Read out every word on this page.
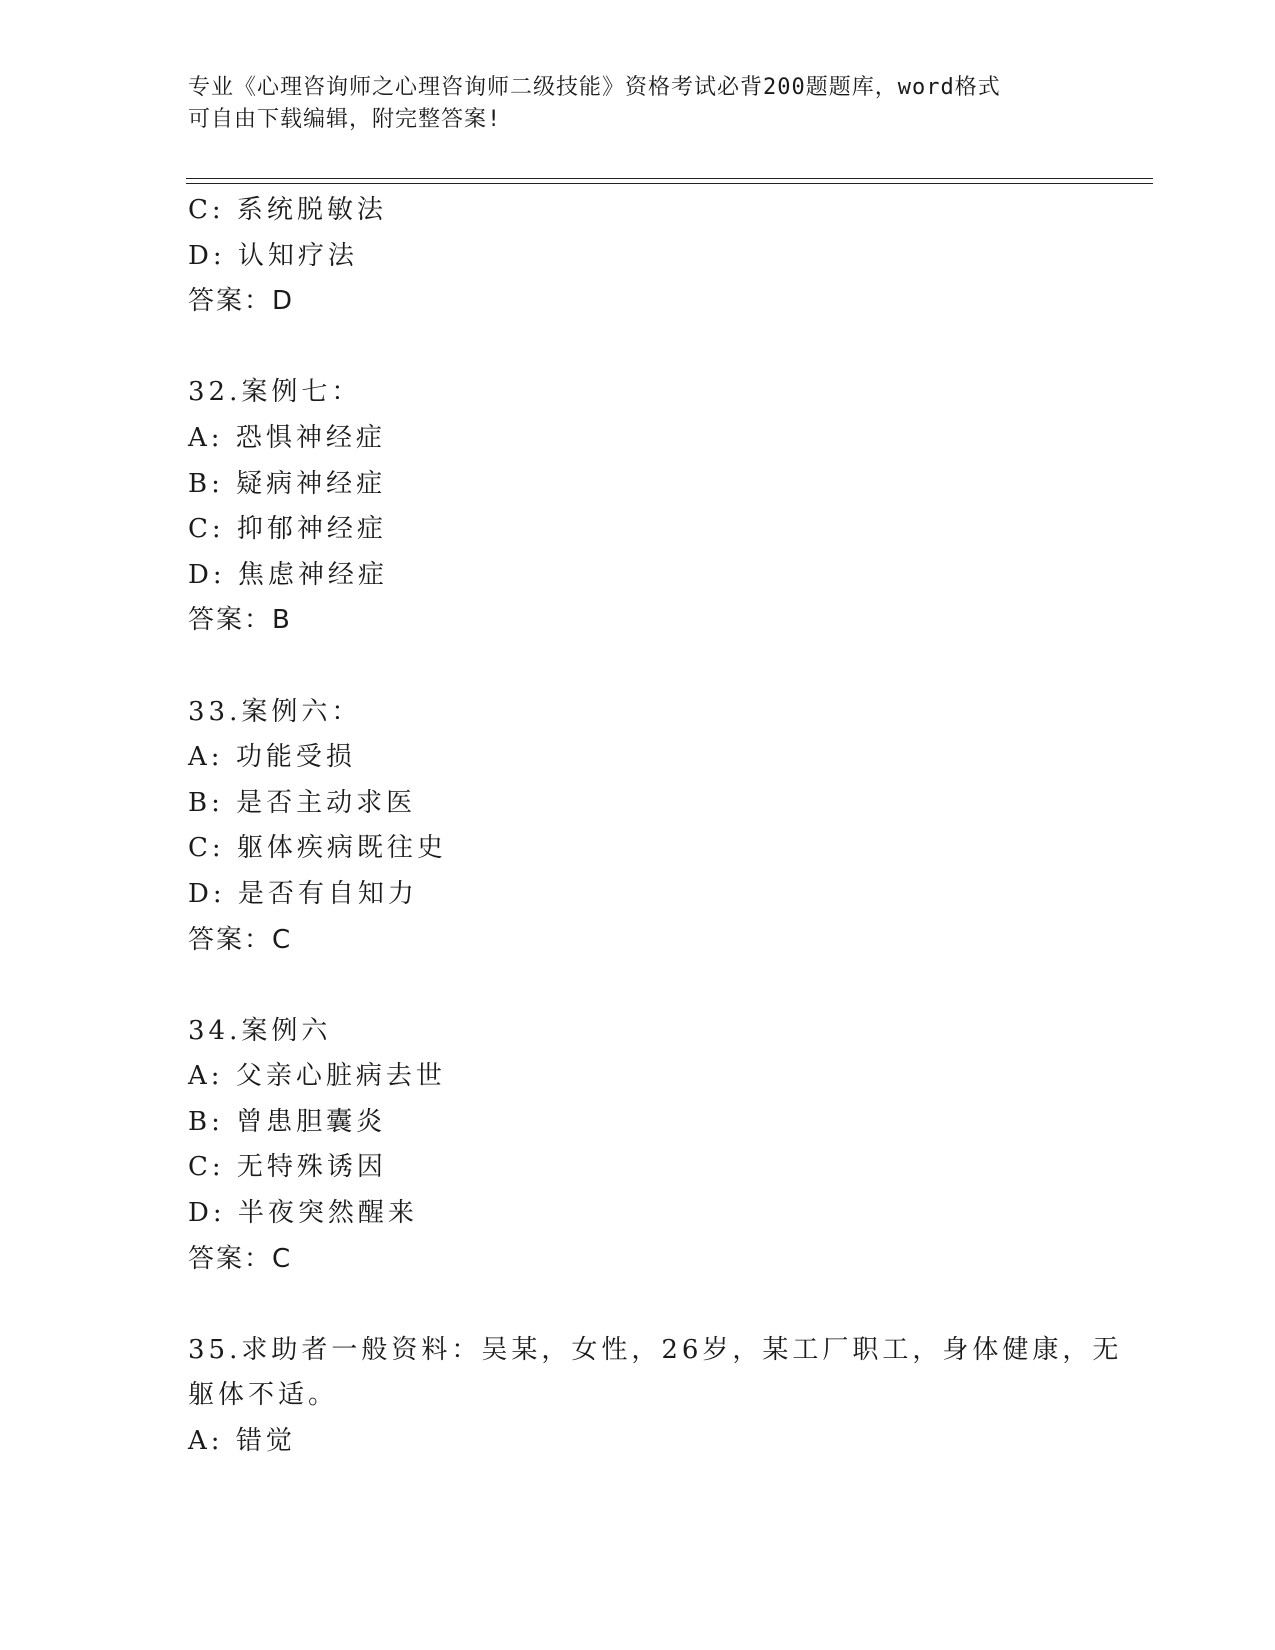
专业《心理咨询师之心理咨询师二级技能》资格考试必背200题题库，word格式

可自由下载编辑，附完整答案!

C: 系统脱敏法
D: 认知疗法
答案：D
32.案例七：
A: 恐惧神经症
B: 疑病神经症
C: 抑郁神经症
D: 焦虑神经症
答案：B
33.案例六：
A: 功能受损
B: 是否主动求医
C: 躯体疾病既往史
D: 是否有自知力
答案：C
34.案例六
A: 父亲心脏病去世
B: 曾患胆囊炎
C: 无特殊诱因
D: 半夜突然醒来
答案：C
35.求助者一般资料：吴某，女性，26岁，某工厂职工，身体健康，无
躯体不适。
A: 错觉
